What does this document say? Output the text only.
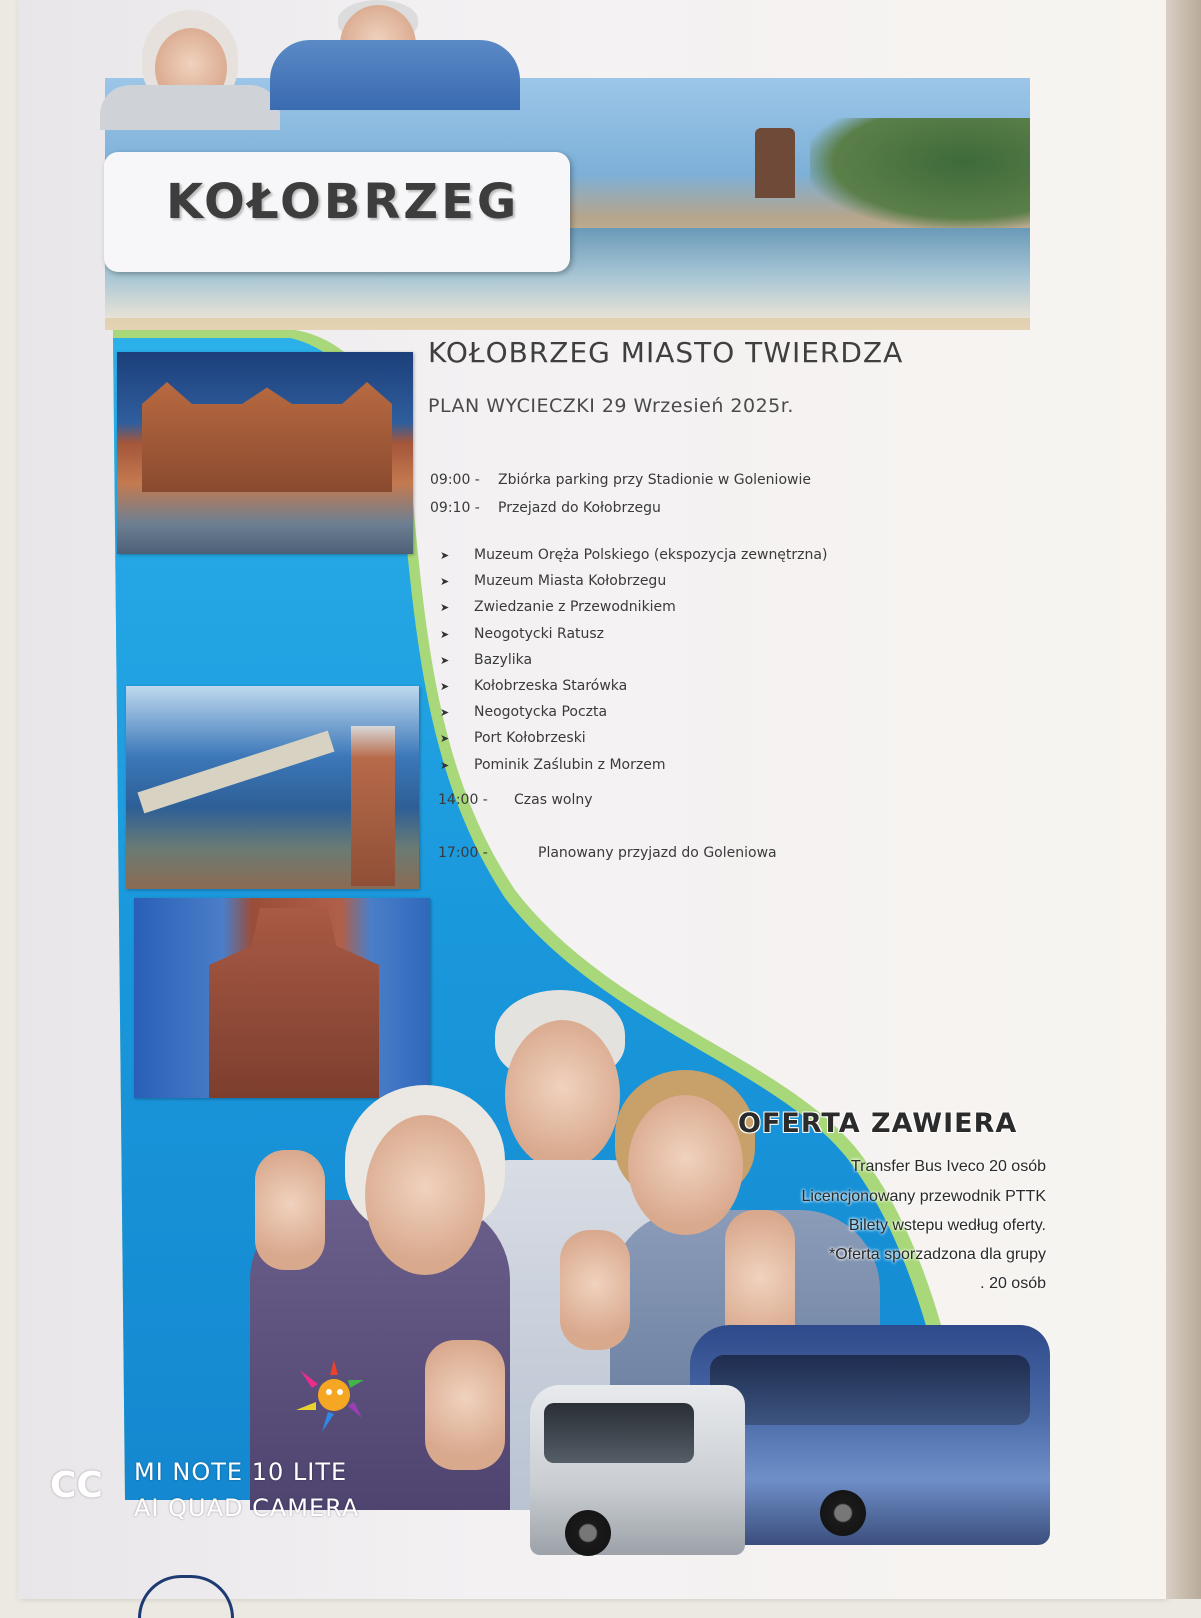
KOŁOBRZEG
KOŁOBRZEG MIASTO TWIERDZA
PLAN WYCIECZKI 29 Wrzesień 2025r.
09:00 - Zbiórka parking przy Stadionie w Goleniowie
09:10 - Przejazd do Kołobrzegu
➤ Muzeum Oręża Polskiego (ekspozycja zewnętrzna)
➤ Muzeum Miasta Kołobrzegu
➤ Zwiedzanie z Przewodnikiem
➤ Neogotycki Ratusz
➤ Bazylika
➤ Kołobrzeska Starówka
➤ Neogotycka Poczta
➤ Port Kołobrzeski
➤ Pominik Zaślubin z Morzem
14:00 - Czas wolny
17:00 -	Planowany przyjazd do Goleniowa
OFERTA ZAWIERA
Transfer Bus Iveco 20 osób
Licencjonowany przewodnik PTTK
Bilety wstepu według oferty.
*Oferta sporzadzona dla grupy
. 20 osób
CC MI NOTE 10 LITE
AI QUAD CAMERA
